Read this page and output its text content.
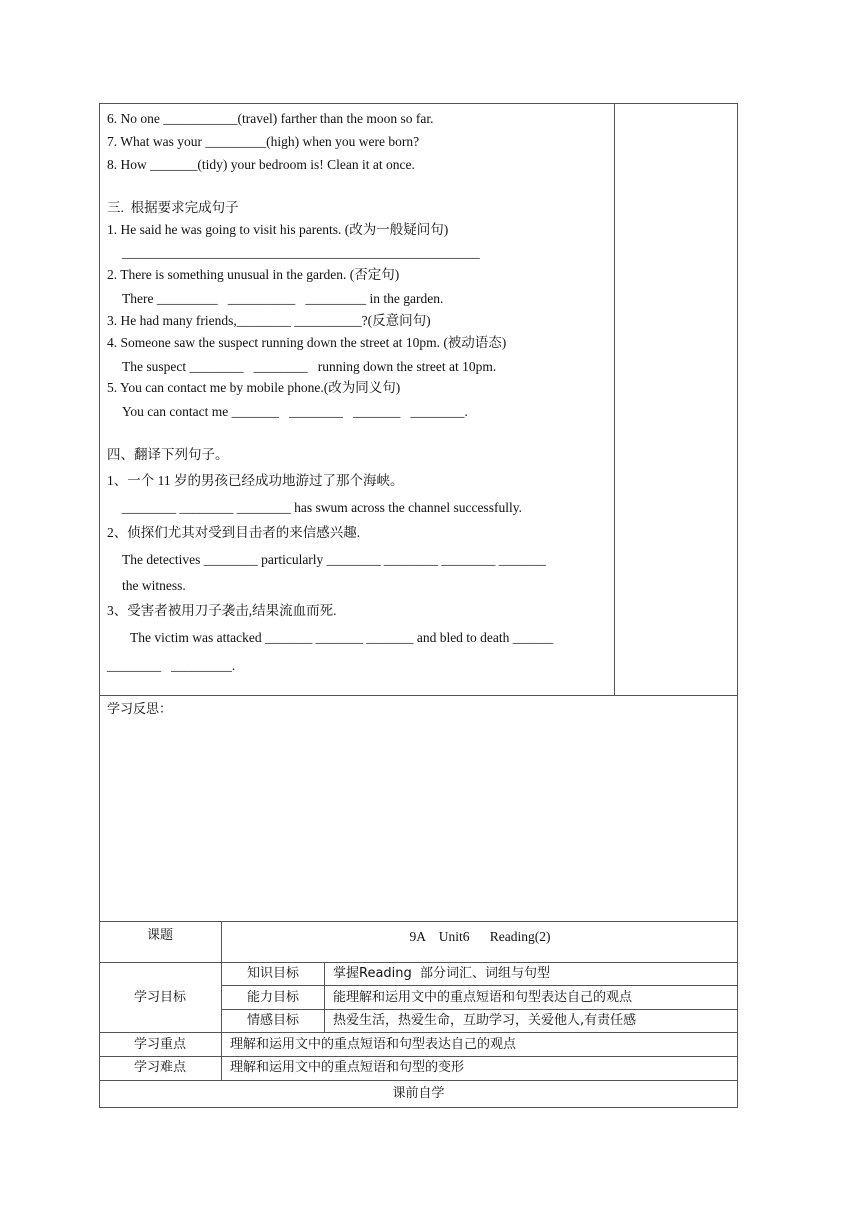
6. No one ___________(travel) farther than the moon so far.
7. What was your _________(high) when you were born?
8. How _______(tidy) your bedroom is! Clean it at once.
三.  根据要求完成句子
1. He said he was going to visit his parents. (改为一般疑问句)
_____________________________________________________
2. There is something unusual in the garden. (否定句)
There _________   __________   _________ in the garden.
3. He had many friends,________ __________?(反意问句)
4. Someone saw the suspect running down the street at 10pm. (被动语态)
The suspect ________   ________   running down the street at 10pm.
5. You can contact me by mobile phone.(改为同义句)
You can contact me _______   ________   _______   ________.
四、翻译下列句子。
1、一个 11 岁的男孩已经成功地游过了那个海峡。
________ ________ ________ has swum across the channel successfully.
2、侦探们尤其对受到目击者的来信感兴趣.
The detectives ________ particularly ________ ________ ________ _______
the witness.
3、受害者被用刀子袭击,结果流血而死.
The victim was attacked _______ _______ _______ and bled to death ______
________   _________.
学习反思：
课题	9A    Unit6      Reading(2)
学习目标
知识目标	掌握Reading  部分词汇、词组与句型
能力目标	能理解和运用文中的重点短语和句型表达自己的观点
情感目标	热爱生活，热爱生命，互助学习，关爱他人,有责任感
学习重点	理解和运用文中的重点短语和句型表达自己的观点
学习难点	理解和运用文中的重点短语和句型的变形
课前自学
